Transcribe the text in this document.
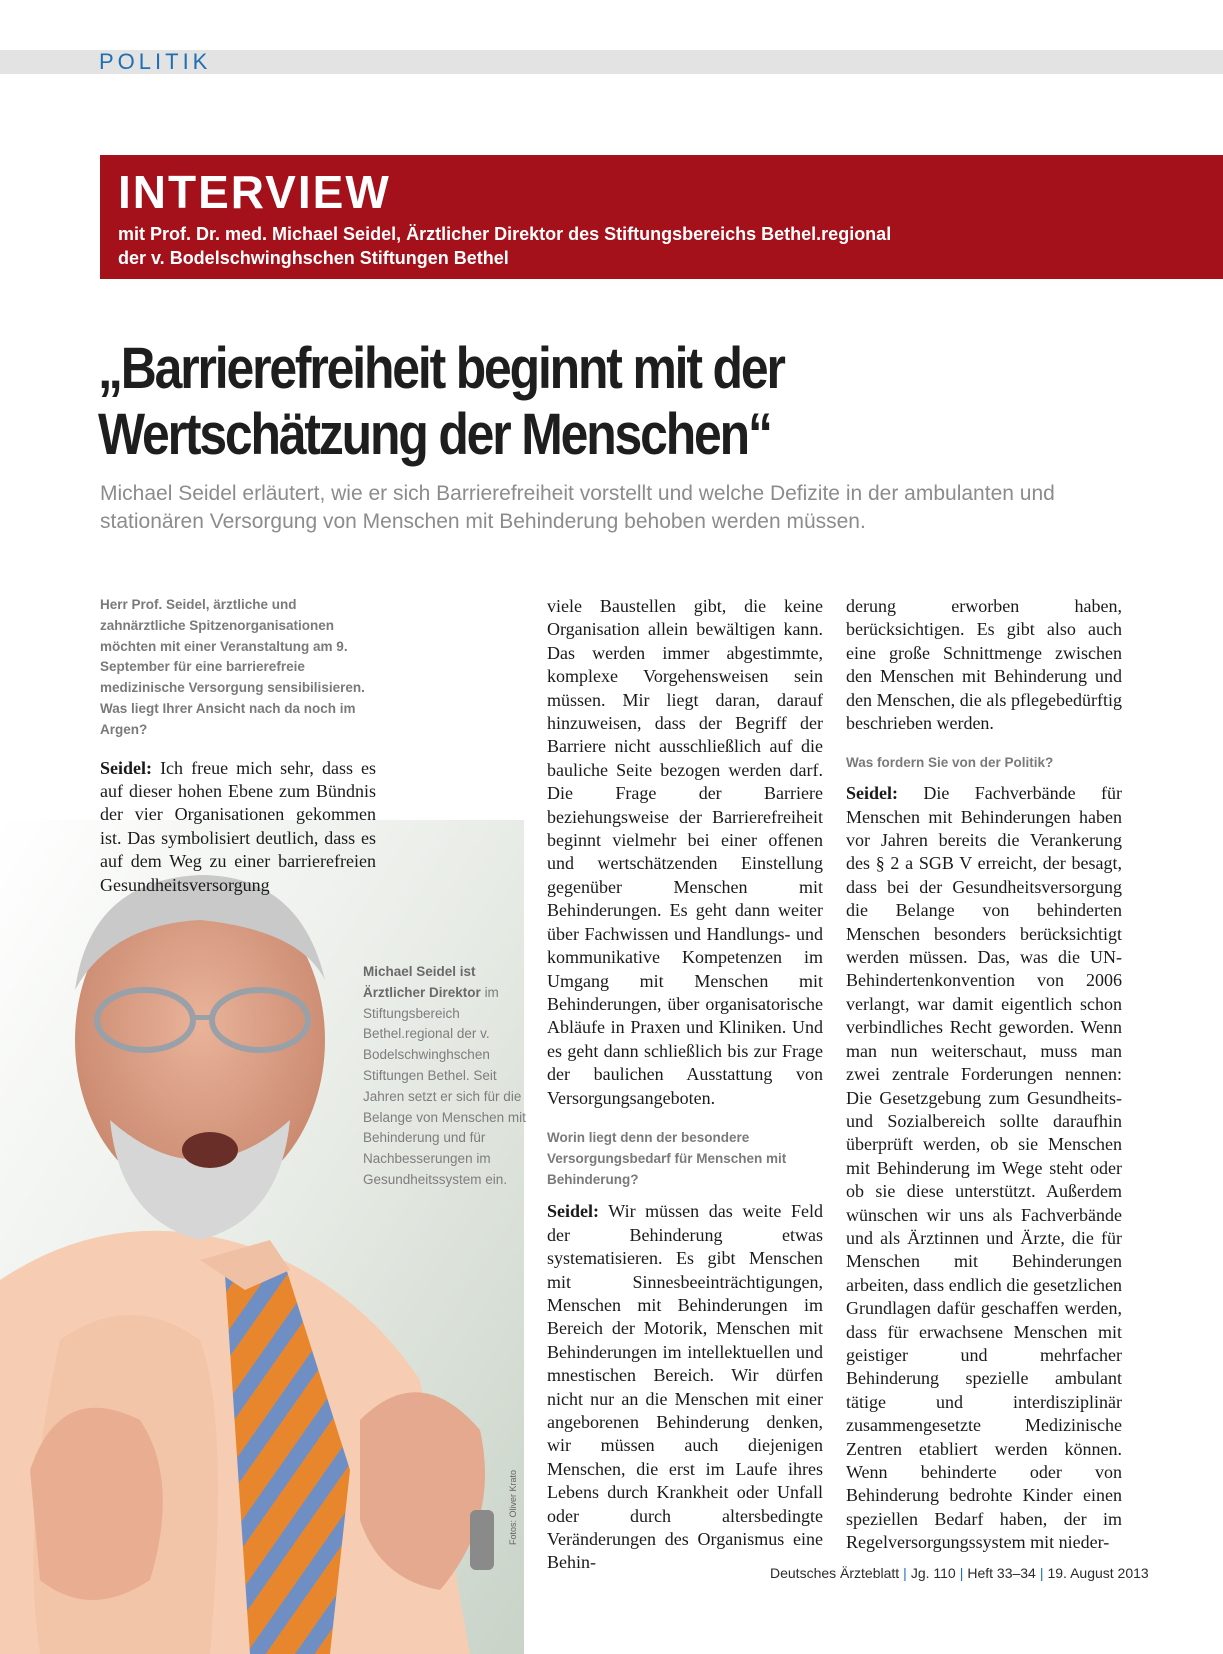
POLITIK
INTERVIEW
mit Prof. Dr. med. Michael Seidel, Ärztlicher Direktor des Stiftungsbereichs Bethel.regional
der v. Bodelschwinghschen Stiftungen Bethel
„Barrierefreiheit beginnt mit der
Wertschätzung der Menschen“
Michael Seidel erläutert, wie er sich Barrierefreiheit vorstellt und welche Defizite in der ambulanten und stationären Versorgung von Menschen mit Behinderung behoben werden müssen.
Michael Seidel ist Ärztlicher Direktor im Stiftungsbereich Bethel.regional der v. Bodelschwinghschen Stiftungen Bethel. Seit Jahren setzt er sich für die Belange von Menschen mit Behinderung und für Nachbesserungen im Gesundheitssystem ein.
Fotos: Oliver Krato

Herr Prof. Seidel, ärztliche und zahnärztliche Spitzenorganisationen möchten mit einer Veranstaltung am 9. September für eine barrierefreie medizinische Versorgung sensibilisieren. Was liegt Ihrer Ansicht nach da noch im Argen?

Seidel: Ich freue mich sehr, dass es auf dieser hohen Ebene zum Bündnis der vier Organisationen gekommen ist. Das symbolisiert deutlich, dass es auf dem Weg zu einer barrierefreien Gesundheitsversorgung

viele Baustellen gibt, die keine Organisation allein bewältigen kann. Das werden immer abgestimmte, komplexe Vorgehensweisen sein müssen. Mir liegt daran, darauf hinzuweisen, dass der Begriff der Barriere nicht ausschließlich auf die bauliche Seite bezogen werden darf. Die Frage der Barriere beziehungsweise der Barrierefreiheit beginnt vielmehr bei einer offenen und wertschätzenden Einstellung gegenüber Menschen mit Behinderungen. Es geht dann weiter über Fachwissen und Handlungs- und kommunikative Kompetenzen im Umgang mit Menschen mit Behinderungen, über organisatorische Abläufe in Praxen und Kliniken. Und es geht dann schließlich bis zur Frage der baulichen Ausstattung von Versorgungsangeboten.

Worin liegt denn der besondere Versorgungsbedarf für Menschen mit Behinderung?

Seidel: Wir müssen das weite Feld der Behinderung etwas systematisieren. Es gibt Menschen mit Sinnesbeeinträchtigungen, Menschen mit Behinderungen im Bereich der Motorik, Menschen mit Behinderungen im intellektuellen und mnestischen Bereich. Wir dürfen nicht nur an die Menschen mit einer angeborenen Behinderung denken, wir müssen auch diejenigen Menschen, die erst im Laufe ihres Lebens durch Krankheit oder Unfall oder durch altersbedingte Veränderungen des Organismus eine Behin-

derung erworben haben, berücksichtigen. Es gibt also auch eine große Schnittmenge zwischen den Menschen mit Behinderung und den Menschen, die als pflegebedürftig beschrieben werden.

Was fordern Sie von der Politik?

Seidel: Die Fachverbände für Menschen mit Behinderungen haben vor Jahren bereits die Verankerung des § 2 a SGB V erreicht, der besagt, dass bei der Gesundheitsversorgung die Belange von behinderten Menschen besonders berücksichtigt werden müssen. Das, was die UN-Behindertenkonvention von 2006 verlangt, war damit eigentlich schon verbindliches Recht geworden. Wenn man nun weiterschaut, muss man zwei zentrale Forderungen nennen: Die Gesetzgebung zum Gesundheits- und Sozialbereich sollte daraufhin überprüft werden, ob sie Menschen mit Behinderung im Wege steht oder ob sie diese unterstützt. Außerdem wünschen wir uns als Fachverbände und als Ärztinnen und Ärzte, die für Menschen mit Behinderungen arbeiten, dass endlich die gesetzlichen Grundlagen dafür geschaffen werden, dass für erwachsene Menschen mit geistiger und mehrfacher Behinderung spezielle ambulant tätige und interdisziplinär zusammengesetzte Medizinische Zentren etabliert werden können. Wenn behinderte oder von Behinderung bedrohte Kinder einen speziellen Bedarf haben, der im Regelversorgungssystem mit nieder-

Deutsches Ärzteblatt | Jg. 110 | Heft 33–34 | 19. August 2013
